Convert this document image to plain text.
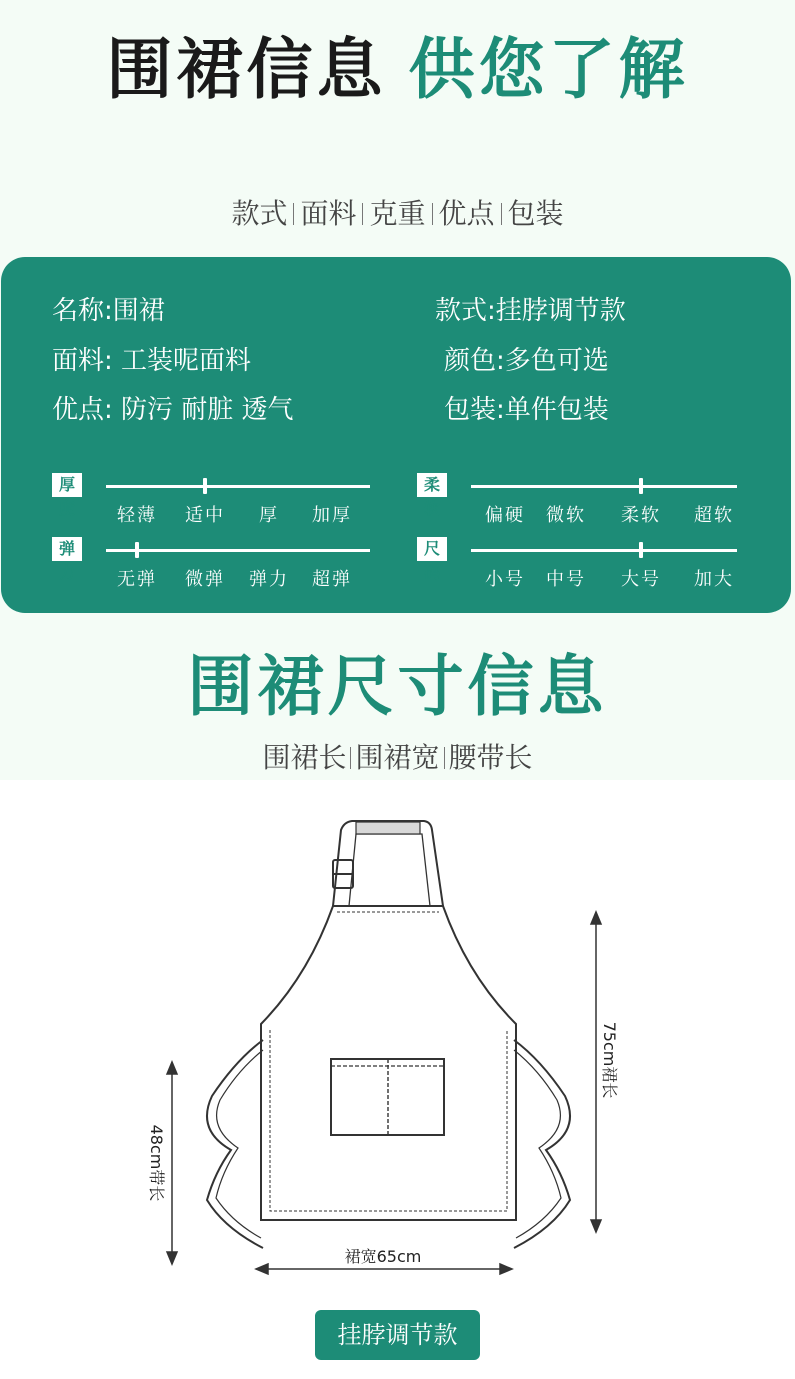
围裙信息 供您了解
款式 面料 克重 优点 包装
名称:围裙	款式:挂脖调节款
面料: 工装呢面料	颜色:多色可选
优点: 防污 耐脏 透气	包装:单件包装
厚度	轻薄 适中 厚 加厚
柔软	偏硬 微软 柔软 超软
弹力	无弹 微弹 弹力 超弹
尺码	小号 中号 大号 加大
围裙尺寸信息
围裙长 围裙宽 腰带长
75cm裙长
48cm带长
裙宽65cm
挂脖调节款
